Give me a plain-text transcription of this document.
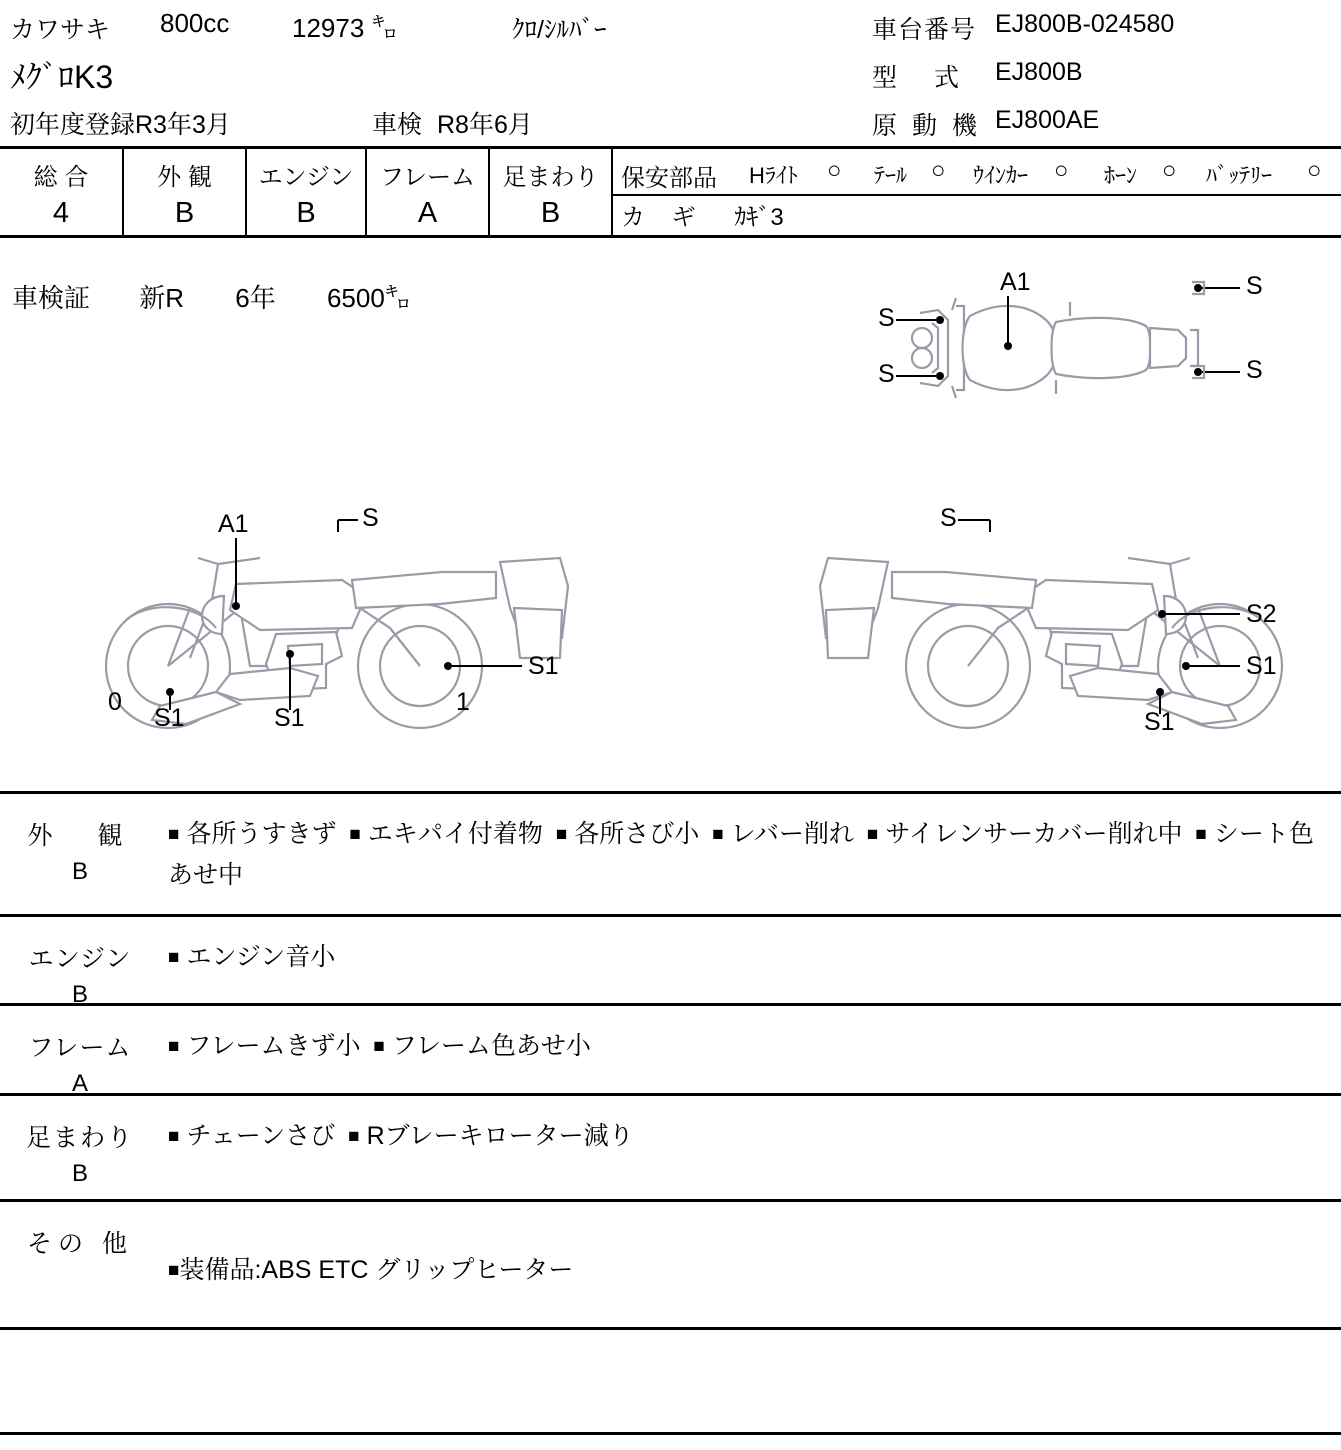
カワサキ 800cc 12973 ㌔	ｸﾛ/ｼﾙﾊﾞｰ
ﾒｸﾞﾛK3
初年度登録 R3年3月	車検 R8年6月
車台番号 EJ800B-024580
型　式 EJ800B
原 動 機 EJ800AE
総 合
4
外 観
B
エンジン
B
フレーム
A
足まわり
B
保安部品 Hﾗｲﾄ ○ ﾃｰﾙ ○ ｳｲﾝｶｰ ○ ﾎｰﾝ ○ ﾊﾞｯﾃﾘｰ ○
カ ギ ｶｷﾞ3
車検証 新R 6年 6500㌔
A1
S
S
S
S
A1	S
S1
S1	S1
0	1
S
S2
S1
S1
外　観
B
■ 各所うすきず ■ エキパイ付着物 ■ 各所さび小 ■ レバー削れ ■ サイレンサーカバー削れ中 ■ シート色あせ中
エンジン
B
■ エンジン音小
フレーム
A
■ フレームきず小 ■ フレーム色あせ小
足まわり
B
■ チェーンさび ■ Rブレーキローター減り
その 他
■装備品:ABS ETC グリップヒーター
